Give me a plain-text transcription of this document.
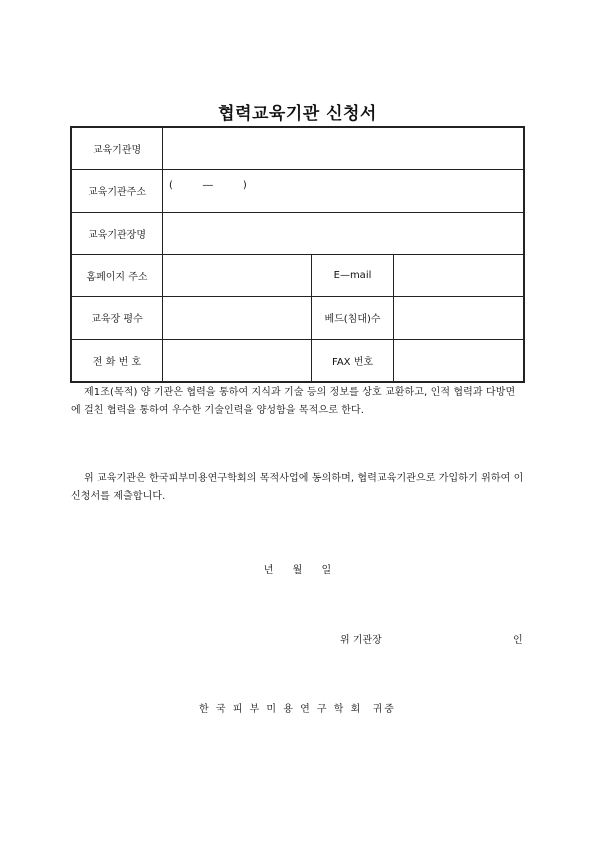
협력교육기관 신청서
교육기관명			
교육기관주소	(　　　―　　　)		
교육기관장명			
홈페이지 주소		E—mail	
교육장 평수		베드(침대)수	
전 화 번 호		FAX 번호	
제1조(목적) 양 기관은 협력을 통하여 지식과 기술 등의 정보를 상호 교환하고, 인적 협력과 다방면에 걸친 협력을 통하여 우수한 기술인력을 양성함을 목적으로 한다.
위 교육기관은 한국피부미용연구학회의 목적사업에 동의하며, 협력교육기관으로 가입하기 위하여 이 신청서를 제출합니다.
년 월 일
위 기관장	인
한 국 피 부 미 용 연 구 학 회  귀중
